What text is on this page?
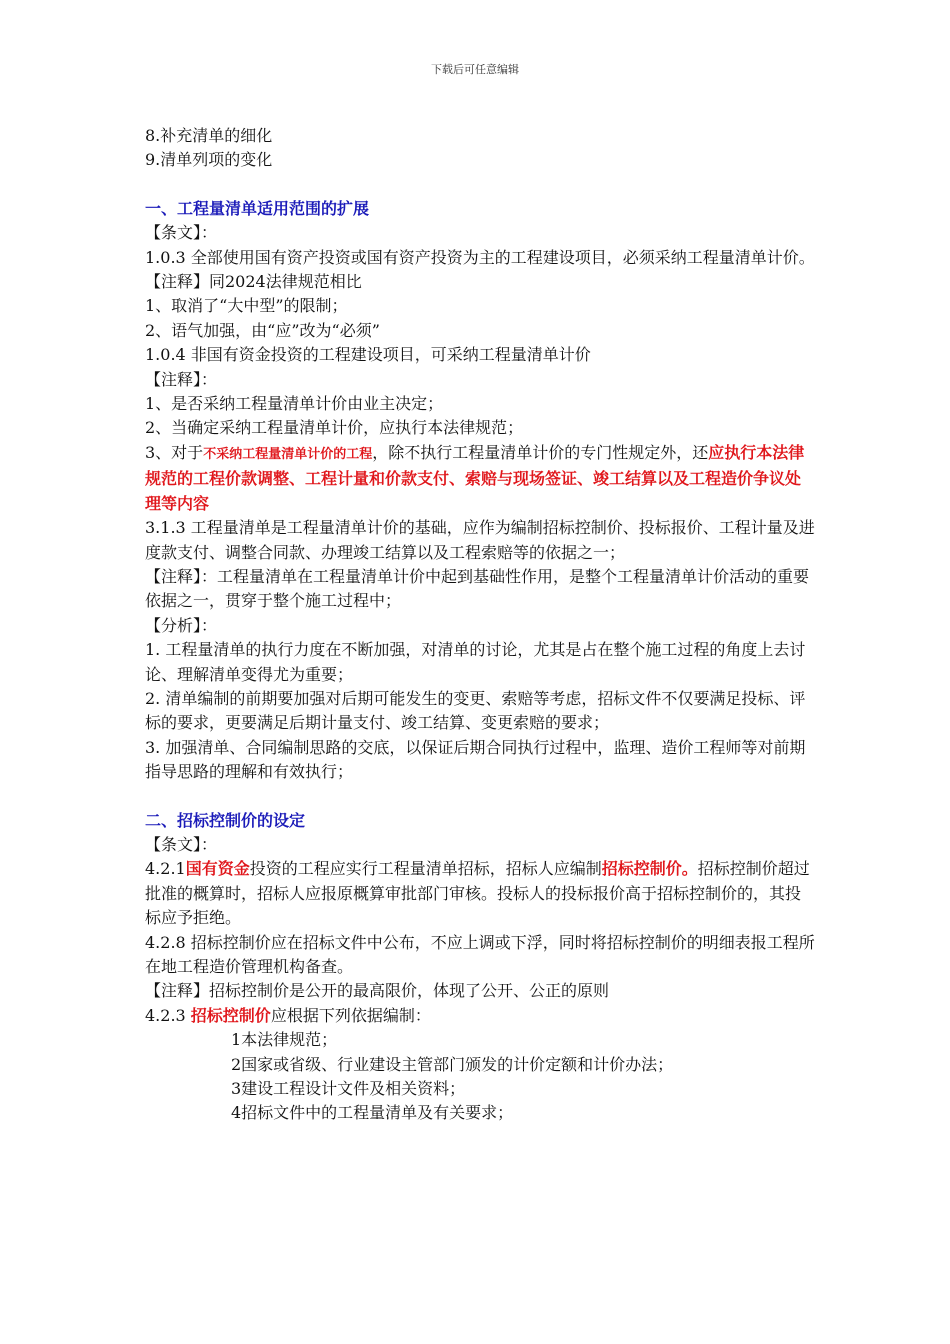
下载后可任意编辑

8.补充清单的细化

9.清单列项的变化

一、工程量清单适用范围的扩展

【条文】：

1.0.3 全部使用国有资产投资或国有资产投资为主的工程建设项目，必须采纳工程量清单计价。

【注释】同2024法律规范相比

1、取消了“大中型”的限制；

2、语气加强，由“应”改为“必须”

1.0.4 非国有资金投资的工程建设项目，可采纳工程量清单计价

【注释】：

1、是否采纳工程量清单计价由业主决定；

2、当确定采纳工程量清单计价，应执行本法律规范；

3、对于不采纳工程量清单计价的工程，除不执行工程量清单计价的专门性规定外，还应执行本法律规范的工程价款调整、工程计量和价款支付、索赔与现场签证、竣工结算以及工程造价争议处理等内容

3.1.3 工程量清单是工程量清单计价的基础，应作为编制招标控制价、投标报价、工程计量及进度款支付、调整合同款、办理竣工结算以及工程索赔等的依据之一；

【注释】：工程量清单在工程量清单计价中起到基础性作用，是整个工程量清单计价活动的重要依据之一，贯穿于整个施工过程中；

【分析】：

1. 工程量清单的执行力度在不断加强，对清单的讨论，尤其是占在整个施工过程的角度上去讨论、理解清单变得尤为重要；

2. 清单编制的前期要加强对后期可能发生的变更、索赔等考虑，招标文件不仅要满足投标、评标的要求，更要满足后期计量支付、竣工结算、变更索赔的要求；

3. 加强清单、合同编制思路的交底，以保证后期合同执行过程中，监理、造价工程师等对前期指导思路的理解和有效执行；

二、招标控制价的设定

【条文】：

4.2.1国有资金投资的工程应实行工程量清单招标，招标人应编制招标控制价。招标控制价超过批准的概算时，招标人应报原概算审批部门审核。投标人的投标报价高于招标控制价的，其投标应予拒绝。

4.2.8 招标控制价应在招标文件中公布，不应上调或下浮，同时将招标控制价的明细表报工程所在地工程造价管理机构备查。

【注释】招标控制价是公开的最高限价，体现了公开、公正的原则

4.2.3 招标控制价应根据下列依据编制：

1本法律规范；

2国家或省级、行业建设主管部门颁发的计价定额和计价办法；

3建设工程设计文件及相关资料；

4招标文件中的工程量清单及有关要求；
